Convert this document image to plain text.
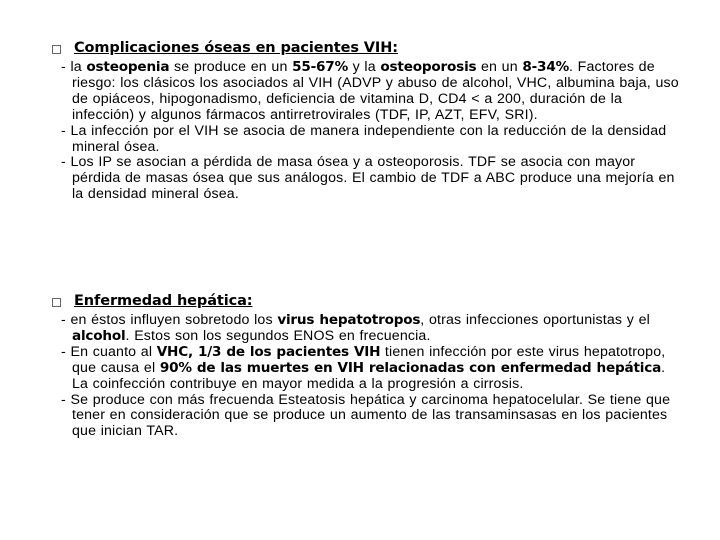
Complicaciones óseas en pacientes VIH:
- la osteopenia se produce en un 55-67% y la osteoporosis en un 8-34%. Factores de riesgo: los clásicos los asociados al VIH (ADVP y abuso de alcohol, VHC, albumina baja, uso de opiáceos, hipogonadismo, deficiencia de vitamina D, CD4 < a 200, duración de la infección) y algunos fármacos antirretrovirales (TDF, IP, AZT, EFV, SRI).
- La infección por el VIH se asocia de manera independiente con la reducción de la densidad mineral ósea.
- Los IP se asocian a pérdida de masa ósea y a osteoporosis. TDF se asocia con mayor pérdida de masas ósea que sus análogos. El cambio de TDF a ABC produce una mejoría en la densidad mineral ósea.
Enfermedad hepática:
- en éstos influyen sobretodo los virus hepatotropos, otras infecciones oportunistas y el alcohol. Estos son los segundos ENOS en frecuencia.
- En cuanto al VHC, 1/3 de los pacientes VIH tienen infección por este virus hepatotropo, que causa el 90% de las muertes en VIH relacionadas con enfermedad hepática. La coinfección contribuye en mayor medida a la progresión a cirrosis.
- Se produce con más frecuenda Esteatosis hepática y carcinoma hepatocelular. Se tiene que tener en consideración que se produce un aumento de las transaminsasas en los pacientes que inician TAR.
